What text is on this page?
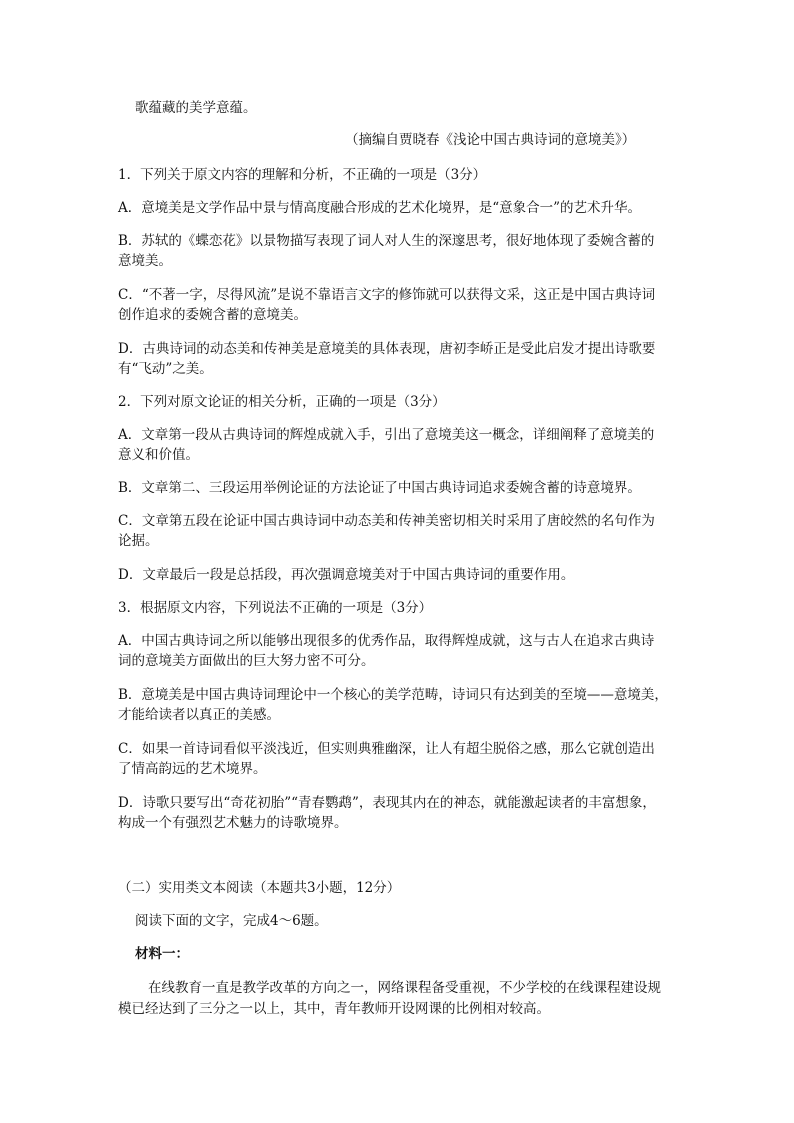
歌蕴藏的美学意蕴。
（摘编自贾晓春《浅论中国古典诗词的意境美》）
1．下列关于原文内容的理解和分析，不正确的一项是（3分）
A．意境美是文学作品中景与情高度融合形成的艺术化境界，是“意象合一”的艺术升华。
B．苏轼的《蝶恋花》以景物描写表现了词人对人生的深邃思考，很好地体现了委婉含蓄的
意境美。
C．“不著一字，尽得风流”是说不靠语言文字的修饰就可以获得文采，这正是中国古典诗词
创作追求的委婉含蓄的意境美。
D．古典诗词的动态美和传神美是意境美的具体表现，唐初李峤正是受此启发才提出诗歌要
有“飞动”之美。
2．下列对原文论证的相关分析，正确的一项是（3分）
A．文章第一段从古典诗词的辉煌成就入手，引出了意境美这一概念，详细阐释了意境美的
意义和价值。
B．文章第二、三段运用举例论证的方法论证了中国古典诗词追求委婉含蓄的诗意境界。
C．文章第五段在论证中国古典诗词中动态美和传神美密切相关时采用了唐皎然的名句作为
论据。
D．文章最后一段是总括段，再次强调意境美对于中国古典诗词的重要作用。
3．根据原文内容，下列说法不正确的一项是（3分）
A．中国古典诗词之所以能够出现很多的优秀作品，取得辉煌成就，这与古人在追求古典诗
词的意境美方面做出的巨大努力密不可分。
B．意境美是中国古典诗词理论中一个核心的美学范畴，诗词只有达到美的至境——意境美，
才能给读者以真正的美感。
C．如果一首诗词看似平淡浅近，但实则典雅幽深，让人有超尘脱俗之感，那么它就创造出
了情高韵远的艺术境界。
D．诗歌只要写出“奇花初胎”“青春鹦鹉”，表现其内在的神态，就能激起读者的丰富想象，
构成一个有强烈艺术魅力的诗歌境界。
（二）实用类文本阅读（本题共3小题，12分）
阅读下面的文字，完成4～6题。
材料一：
在线教育一直是教学改革的方向之一，网络课程备受重视，不少学校的在线课程建设规
模已经达到了三分之一以上，其中，青年教师开设网课的比例相对较高。
